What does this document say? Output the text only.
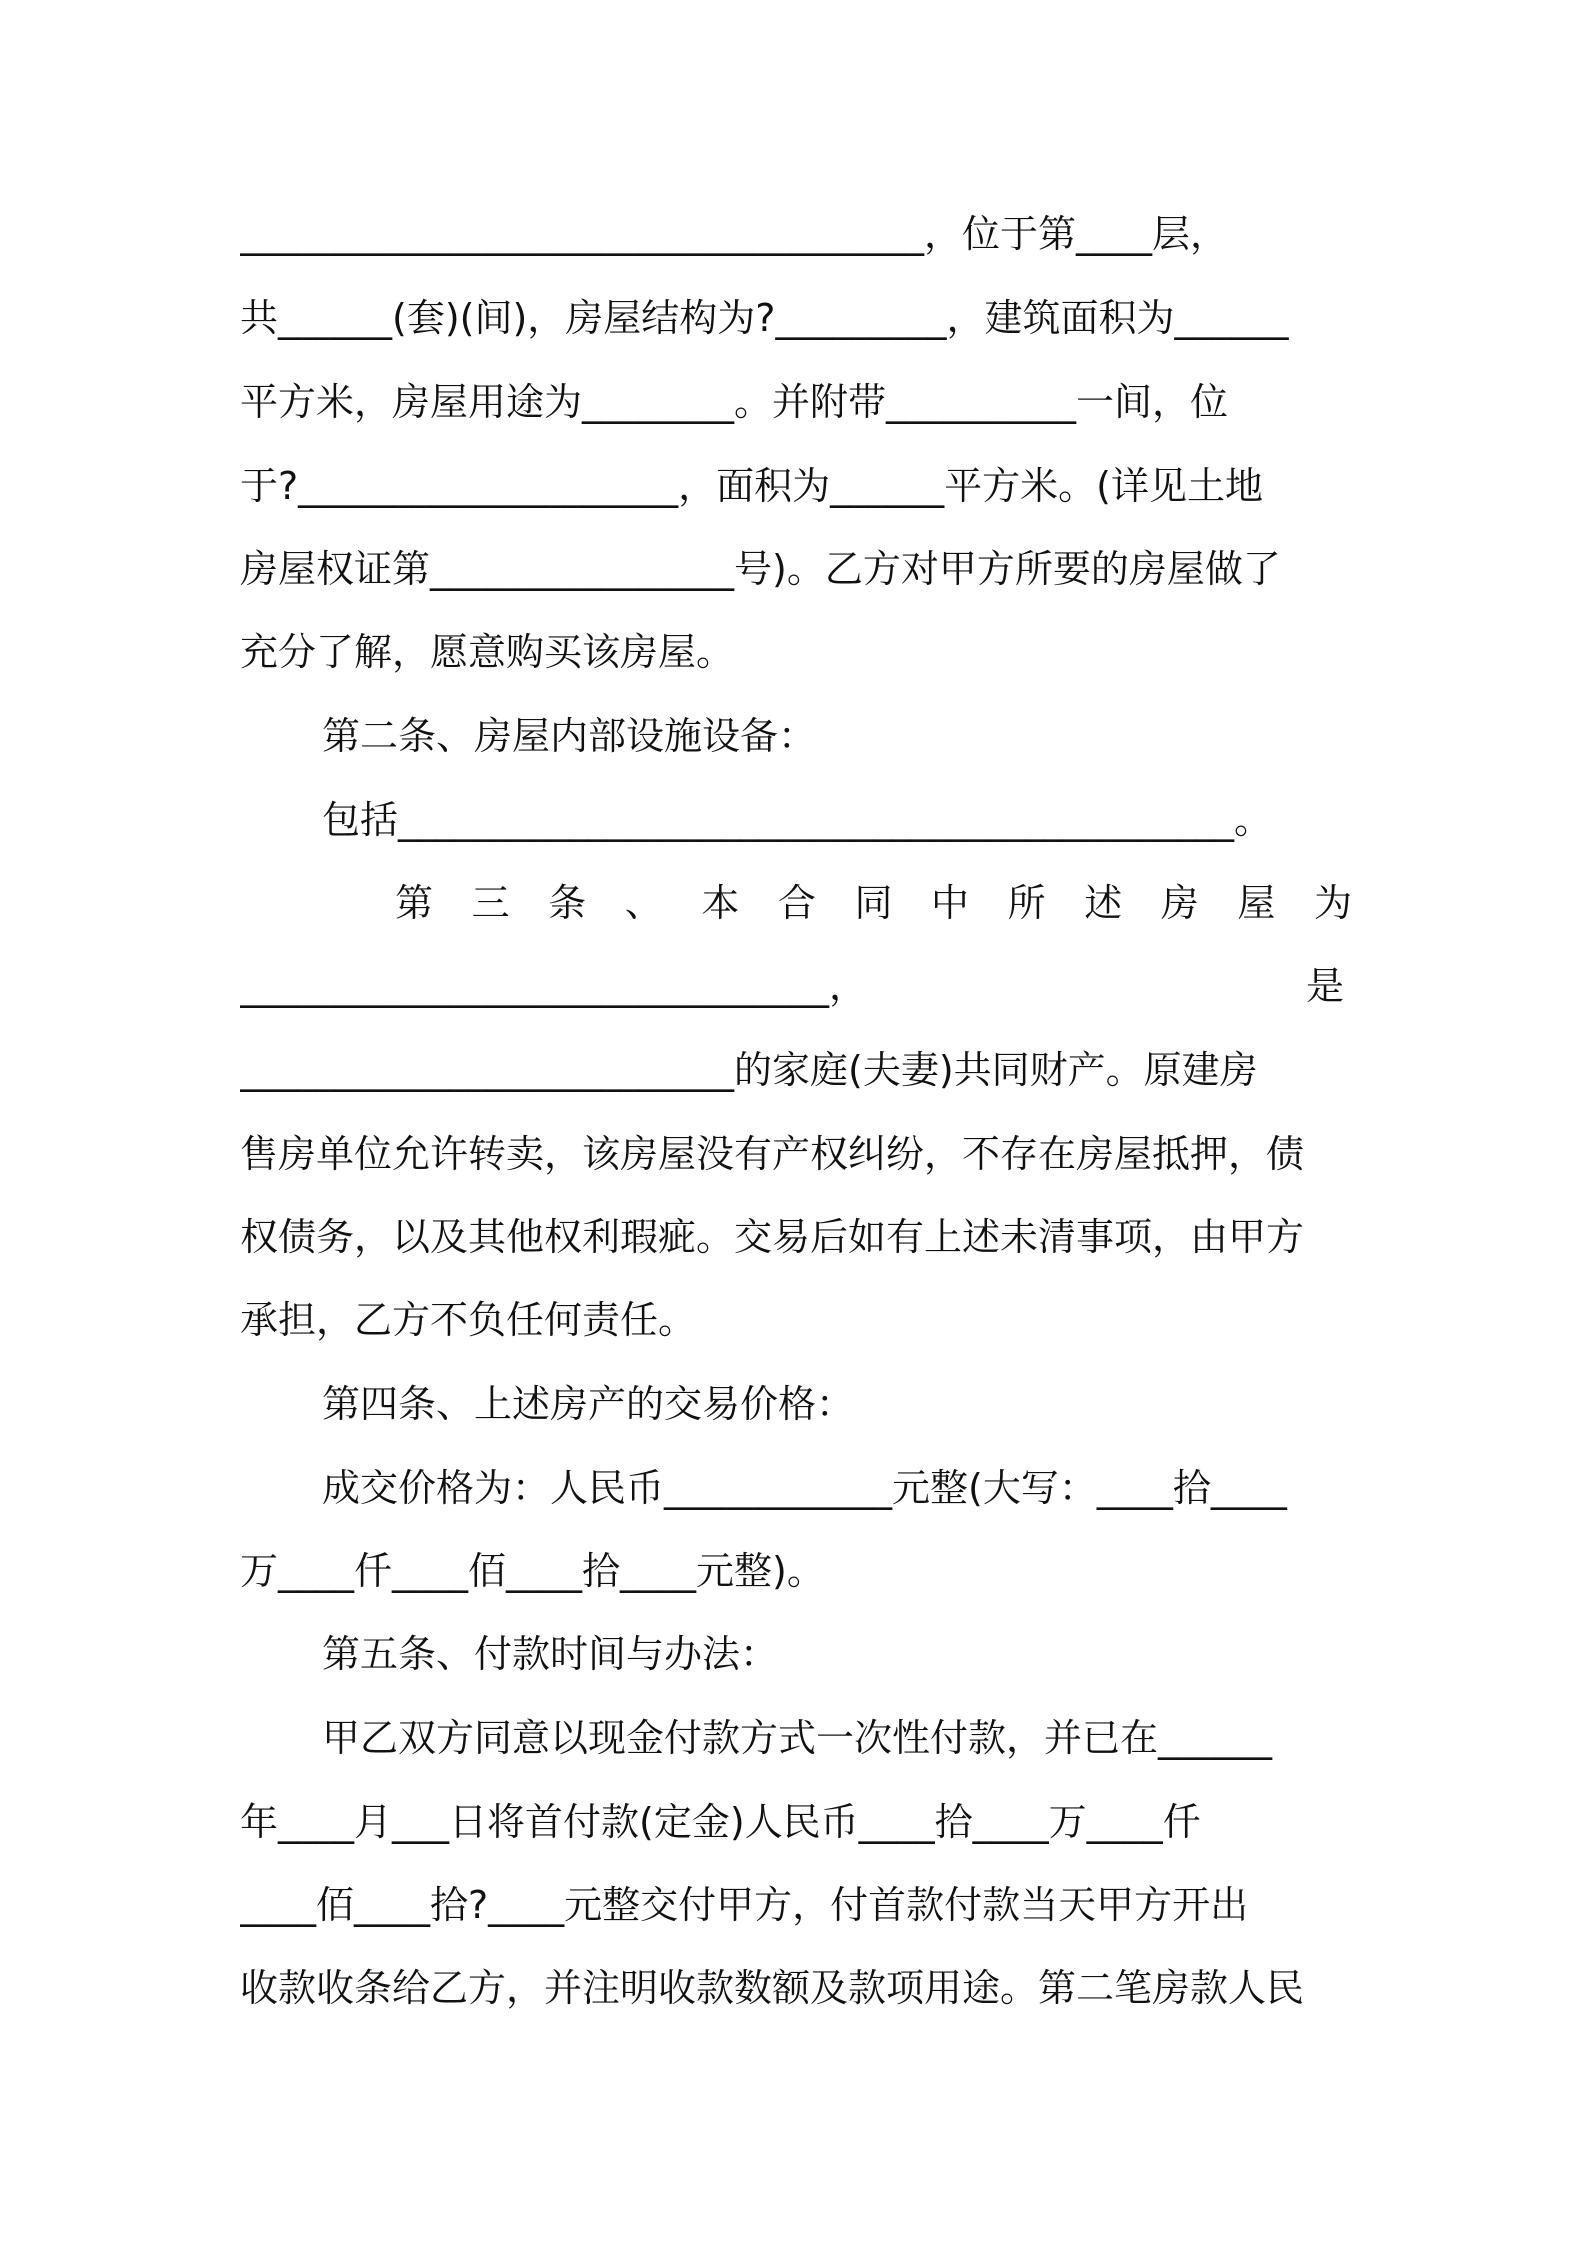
____________________________________，位于第____层，
共______(套)(间)，房屋结构为?_________，建筑面积为______
平方米，房屋用途为________。并附带__________一间，位
于?____________________，面积为______平方米。(详见土地
房屋权证第________________号)。乙方对甲方所要的房屋做了
充分了解，愿意购买该房屋。
第二条、房屋内部设施设备：
包括____________________________________________。
第 三 条 、 本 合 同 中 所 述 房 屋 为
_______________________________，	是
__________________________的家庭(夫妻)共同财产。原建房
售房单位允许转卖，该房屋没有产权纠纷，不存在房屋抵押，债
权债务，以及其他权利瑕疵。交易后如有上述未清事项，由甲方
承担，乙方不负任何责任。
第四条、上述房产的交易价格：
成交价格为：人民币____________元整(大写：____拾____
万____仟____佰____拾____元整)。
第五条、付款时间与办法：
甲乙双方同意以现金付款方式一次性付款，并已在______
年____月___日将首付款(定金)人民币____拾____万____仟
____佰____拾?____元整交付甲方，付首款付款当天甲方开出
收款收条给乙方，并注明收款数额及款项用途。第二笔房款人民
